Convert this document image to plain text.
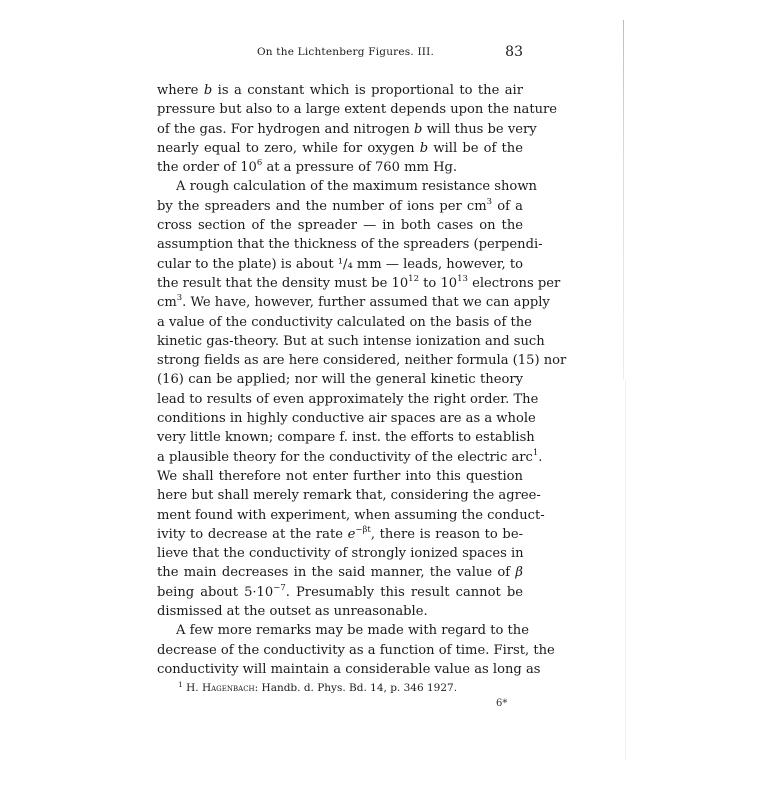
On the Lichtenberg Figures. III.	83
where b is a constant which is proportional to the air
pressure but also to a large extent depends upon the nature
of the gas. For hydrogen and nitrogen b will thus be very
nearly equal to zero, while for oxygen b will be of the
the order of $10^6$ at a pressure of 760 mm Hg.
A rough calculation of the maximum resistance shown
by the spreaders and the number of ions per $cm^3$ of a
cross section of the spreader — in both cases on the
assumption that the thickness of the spreaders (perpendi-
cular to the plate) is about ¹/₄ mm — leads, however, to
the result that the density must be $10^{12}$ to $10^{13}$ electrons per
$cm^3$. We have, however, further assumed that we can apply
a value of the conductivity calculated on the basis of the
kinetic gas-theory. But at such intense ionization and such
strong fields as are here considered, neither formula (15) nor
(16) can be applied; nor will the general kinetic theory
lead to results of even approximately the right order. The
conditions in highly conductive air spaces are as a whole
very little known; compare f. inst. the efforts to establish
a plausible theory for the conductivity of the electric arc$^1$.
We shall therefore not enter further into this question
here but shall merely remark that, considering the agree-
ment found with experiment, when assuming the conduct-
ivity to decrease at the rate $e^{-\beta t}$, there is reason to be-
lieve that the conductivity of strongly ionized spaces in
the main decreases in the said manner, the value of β
being about $5\cdot 10^{-7}$. Presumably this result cannot be
dismissed at the outset as unreasonable.
A few more remarks may be made with regard to the
decrease of the conductivity as a function of time. First, the
conductivity will maintain a considerable value as long as
$^1$ H. Hagenbach: Handb. d. Phys. Bd. 14, p. 346 1927.
6*
